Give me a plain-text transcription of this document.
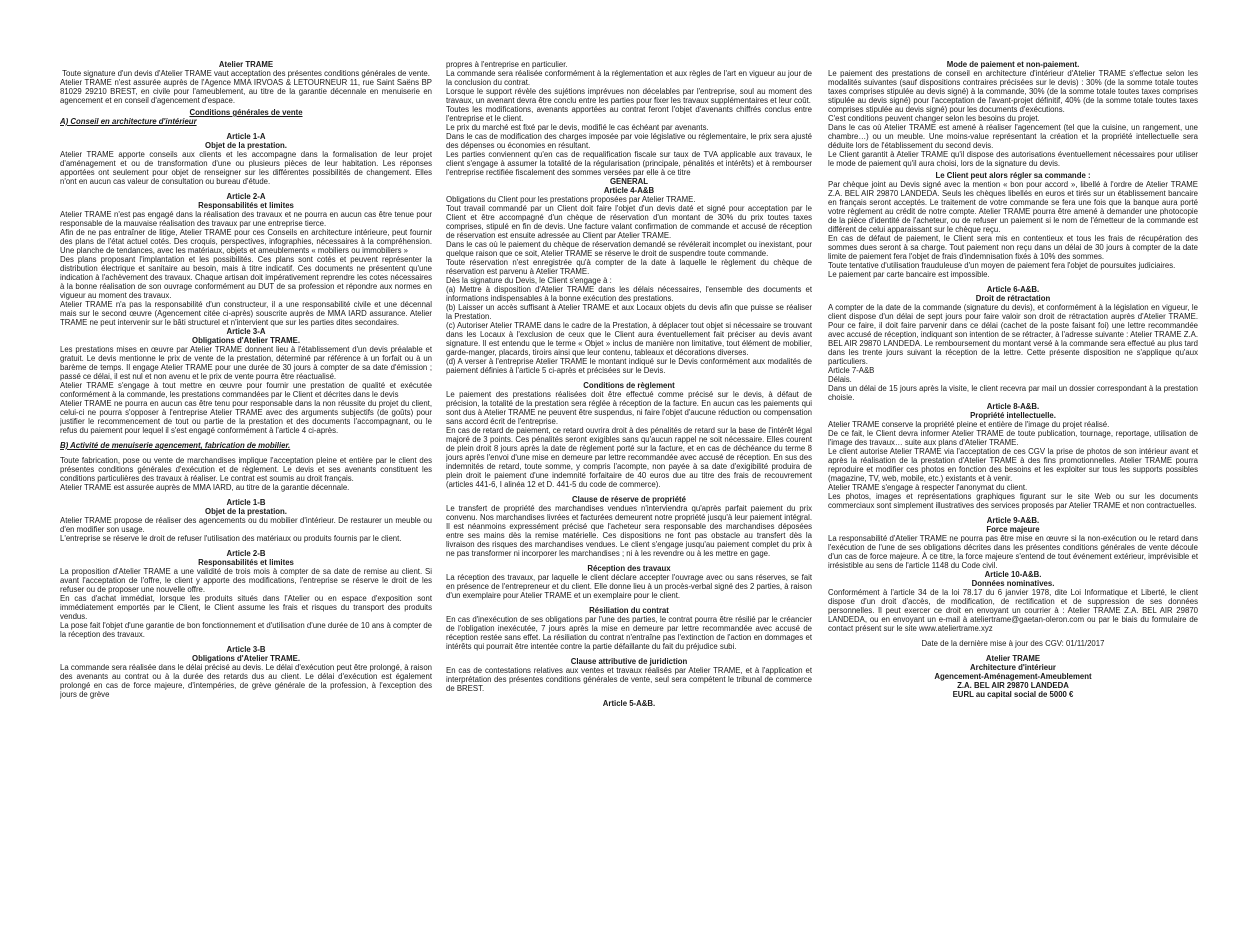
Atelier TRAME

Toute signature d'un devis d'Atelier TRAME vaut acceptation des présentes conditions générales de vente.

Atelier TRAME n'est assurée auprès de l'Agence MMA IRVOAS & LETOURNEUR 11, rue Saint Saëns BP 81029 29210 BREST, en civile pour l'ameublement, au titre de la garantie décennale en menuiserie en agencement et en conseil d'agencement d'espace.

Conditions générales de vente

A) Conseil en architecture d'intérieur

Article 1-A

Objet de la prestation.

Atelier TRAME apporte conseils aux clients et les accompagne dans la formalisation de leur projet d'aménagement et ou de transformation d'une ou plusieurs pièces de leur habitation. Les réponses apportées ont seulement pour objet de renseigner sur les différentes possibilités de changement. Elles n'ont en aucun cas valeur de consultation ou bureau d'étude.

Article 2-A

Responsabilités et limites

Atelier TRAME n'est pas engagé dans la réalisation des travaux et ne pourra en aucun cas être tenue pour responsable de la mauvaise réalisation des travaux par une entreprise tierce.

Afin de ne pas entraîner de litige, Atelier TRAME pour ces Conseils en architecture intérieure, peut fournir des plans de l'état actuel cotés. Des croquis, perspectives, infographies, nécessaires à la compréhension. Une planche de tendances, avec les matériaux, objets et ameublements « mobiliers ou immobiliers »

Des plans proposant l'implantation et les possibilités. Ces plans sont cotés et peuvent représenter la distribution électrique et sanitaire au besoin, mais à titre indicatif. Ces documents ne présentent qu'une indication à l'achèvement des travaux. Chaque artisan doit impérativement reprendre les cotes nécessaires à la bonne réalisation de son ouvrage conformément au DUT de sa profession et répondre aux normes en vigueur au moment des travaux.

Atelier TRAME n'a pas la responsabilité d'un constructeur, il a une responsabilité civile et une décennal mais sur le second œuvre (Agencement citée ci-après) souscrite auprès de MMA IARD assurance. Atelier TRAME ne peut intervenir sur le bâti structurel et n'intervient que sur les parties dites secondaires.

Article 3-A

Obligations d'Atelier TRAME.

Les prestations mises en œuvre par Atelier TRAME donnent lieu à l'établissement d'un devis préalable et gratuit. Le devis mentionne le prix de vente de la prestation, déterminé par référence à un forfait ou à un barème de temps. Il engage Atelier TRAME pour une durée de 30 jours à compter de sa date d'émission ; passé ce délai, il est nul et non avenu et le prix de vente pourra être réactualisé.

Atelier TRAME s'engage à tout mettre en œuvre pour fournir une prestation de qualité et exécutée conformément à la commande, les prestations commandées par le Client et décrites dans le devis

Atelier TRAME ne pourra en aucun cas être tenu pour responsable dans la non réussite du projet du client, celui-ci ne pourra s'opposer à l'entreprise Atelier TRAME avec des arguments subjectifs (de goûts) pour justifier le recommencement de tout ou partie de la prestation et des documents l'accompagnant, ou le refus du paiement pour lequel il s'est engagé conformément à l'article 4 ci-après.

B) Activité de menuiserie agencement, fabrication de mobilier.

Toute fabrication, pose ou vente de marchandises implique l'acceptation pleine et entière par le client des présentes conditions générales d'exécution et de règlement. Le devis et ses avenants constituent les conditions particulières des travaux à réaliser. Le contrat est soumis au droit français.

Atelier TRAME est assurée auprès de MMA IARD, au titre de la garantie décennale.

Article 1-B

Objet de la prestation.

Atelier TRAME propose de réaliser des agencements ou du mobilier d'intérieur. De restaurer un meuble ou d'en modifier son usage.

L'entreprise se réserve le droit de refuser l'utilisation des matériaux ou produits fournis par le client.

Article 2-B

Responsabilités et limites

La proposition d'Atelier TRAME a une validité de trois mois à compter de sa date de remise au client. Si avant l'acceptation de l'offre, le client y apporte des modifications, l'entreprise se réserve le droit de les refuser ou de proposer une nouvelle offre.

En cas d'achat immédiat, lorsque les produits situés dans l'Atelier ou en espace d'exposition sont immédiatement emportés par le Client, le Client assume les frais et risques du transport des produits vendus.

La pose fait l'objet d'une garantie de bon fonctionnement et d'utilisation d'une durée de 10 ans à compter de la réception des travaux.

Article 3-B

Obligations d'Atelier TRAME.

La commande sera réalisée dans le délai précisé au devis. Le délai d'exécution peut être prolongé, à raison des avenants au contrat ou à la durée des retards dus au client. Le délai d'exécution est également prolongé en cas de force majeure, d'intempéries, de grève générale de la profession, à l'exception des jours de grève

propres à l'entreprise en particulier.

La commande sera réalisée conformément à la réglementation et aux règles de l'art en vigueur au jour de la conclusion du contrat.

Lorsque le support révèle des sujétions imprévues non décelables par l'entreprise, soul au moment des travaux, un avenant devra être conclu entre les parties pour fixer les travaux supplémentaires et leur coût.

Toutes les modifications, avenants apportées au contrat feront l'objet d'avenants chiffrés conclus entre l'entreprise et le client.

Le prix du marché est fixé par le devis, modifié le cas échéant par avenants.

Dans le cas de modification des charges imposée par voie législative ou réglementaire, le prix sera ajusté des dépenses ou économies en résultant.

Les parties conviennent qu'en cas de requalification fiscale sur taux de TVA applicable aux travaux, le client s'engage à assumer la totalité de la régularisation (principale, pénalités et intérêts) et à rembourser l'entreprise rectifiée fiscalement des sommes versées par elle à ce titre

GENERAL

Article 4-A&B

Obligations du Client pour les prestations proposées par Atelier TRAME.

Tout travail commandé par un Client doit faire l'objet d'un devis daté et signé pour acceptation par le Client et être accompagné d'un chèque de réservation d'un montant de 30% du prix toutes taxes comprises, stipulé en fin de devis. Une facture valant confirmation de commande et accusé de réception de réservation est ensuite adressée au Client par Atelier TRAME.

Dans le cas où le paiement du chèque de réservation demandé se révélerait incomplet ou inexistant, pour quelque raison que ce soit, Atelier TRAME se réserve le droit de suspendre toute commande.

Toute réservation n'est enregistrée qu'à compter de la date à laquelle le règlement du chèque de réservation est parvenu à Atelier TRAME.

Dès la signature du Devis, le Client s'engage à :

(a) Mettre à disposition d'Atelier TRAME dans les délais nécessaires, l'ensemble des documents et informations indispensables à la bonne exécution des prestations.

(b) Laisser un accès suffisant à Atelier TRAME et aux Locaux objets du devis afin que puisse se réaliser la Prestation.

(c) Autoriser Atelier TRAME dans le cadre de la Prestation, à déplacer tout objet si nécessaire se trouvant dans les Locaux à l'exclusion de ceux que le Client aura éventuellement fait préciser au devis avant signature. Il est entendu que le terme « Objet » inclus de manière non limitative, tout élément de mobilier, garde-manger, placards, tiroirs ainsi que leur contenu, tableaux et décorations diverses.

(d) A verser à l'entreprise Atelier TRAME le montant indiqué sur le Devis conformément aux modalités de paiement définies à l'article 5 ci-après et précisées sur le Devis.

Conditions de règlement

Le paiement des prestations réalisées doit être effectué comme précisé sur le devis, à défaut de précision, la totalité de la prestation sera réglée à réception de la facture. En aucun cas les paiements qui sont dus à Atelier TRAME ne peuvent être suspendus, ni faire l'objet d'aucune réduction ou compensation sans accord écrit de l'entreprise.

En cas de retard de paiement, ce retard ouvrira droit à des pénalités de retard sur la base de l'intérêt légal majoré de 3 points. Ces pénalités seront exigibles sans qu'aucun rappel ne soit nécessaire. Elles courent de plein droit 8 jours après la date de règlement porté sur la facture, et en cas de déchéance du terme 8 jours après l'envoi d'une mise en demeure par lettre recommandée avec accusé de réception. En sus des indemnités de retard, toute somme, y compris l'acompte, non payée à sa date d'exigibilité produira de plein droit le paiement d'une indemnité forfaitaire de 40 euros due au titre des frais de recouvrement (articles 441-6, I alinéa 12 et D. 441-5 du code de commerce).

Clause de réserve de propriété

Le transfert de propriété des marchandises vendues n'interviendra qu'après parfait paiement du prix convenu. Nos marchandises livrées et facturées demeurent notre propriété jusqu'à leur paiement intégral. Il est néanmoins expressément précisé que l'acheteur sera responsable des marchandises déposées entre ses mains dès la remise matérielle. Ces dispositions ne font pas obstacle au transfert dès la livraison des risques des marchandises vendues. Le client s'engage jusqu'au paiement complet du prix à ne pas transformer ni incorporer les marchandises ; ni à les revendre ou à les mettre en gage.

Réception des travaux

La réception des travaux, par laquelle le client déclare accepter l'ouvrage avec ou sans réserves, se fait en présence de l'entrepreneur et du client. Elle donne lieu à un procès-verbal signé des 2 parties, à raison d'un exemplaire pour Atelier TRAME et un exemplaire pour le client.

Résiliation du contrat

En cas d'inexécution de ses obligations par l'une des parties, le contrat pourra être résilié par le créancier de l'obligation inexécutée, 7 jours après la mise en demeure par lettre recommandée avec accusé de réception restée sans effet. La résiliation du contrat n'entraîne pas l'extinction de l'action en dommages et intérêts qui pourrait être intentée contre la partie défaillante du fait du préjudice subi.

Clause attributive de juridiction

En cas de contestations relatives aux ventes et travaux réalisés par Atelier TRAME, et à l'application et interprétation des présentes conditions générales de vente, seul sera compétent le tribunal de commerce de BREST.

Article 5-A&B.

Mode de paiement et non-paiement.

Le paiement des prestations de conseil en architecture d'intérieur d'Atelier TRAME s'effectue selon les modalités suivantes (sauf dispositions contraires précisées sur le devis) : 30% (de la somme totale toutes taxes comprises stipulée au devis signé) à la commande, 30% (de la somme totale toutes taxes comprises stipulée au devis signé) pour l'acceptation de l'avant-projet définitif, 40% (de la somme totale toutes taxes comprises stipulée au devis signé) pour les documents d'exécutions.

C'est conditions peuvent changer selon les besoins du projet.

Dans le cas où Atelier TRAME est amené à réaliser l'agencement (tel que la cuisine, un rangement, une chambre…) ou un meuble. Une moins-value représentant la création et la propriété intellectuelle sera déduite lors de l'établissement du second devis.

Le Client garantit à Atelier TRAME qu'il dispose des autorisations éventuellement nécessaires pour utiliser le mode de paiement qu'il aura choisi, lors de la signature du devis.

Le Client peut alors régler sa commande :

Par chèque joint au Devis signé avec la mention « bon pour accord », libellé à l'ordre de Atelier TRAME Z.A. BEL AIR 29870 LANDEDA. Seuls les chèques libellés en euros et tirés sur un établissement bancaire en français seront acceptés. Le traitement de votre commande se fera une fois que la banque aura porté votre règlement au crédit de notre compte. Atelier TRAME pourra être amené à demander une photocopie de la pièce d'identité de l'acheteur, ou de refuser un paiement si le nom de l'émetteur de la commande est différent de celui apparaissant sur le chèque reçu.

En cas de défaut de paiement, le Client sera mis en contentieux et tous les frais de récupération des sommes dues seront à sa charge. Tout paiement non reçu dans un délai de 30 jours à compter de la date limite de paiement fera l'objet de frais d'indemnisation fixés à 10% des sommes.

Toute tentative d'utilisation frauduleuse d'un moyen de paiement fera l'objet de poursuites judiciaires.

Le paiement par carte bancaire est impossible.

Article 6-A&B.

Droit de rétractation

A compter de la date de la commande (signature du devis), et conformément à la législation en vigueur, le client dispose d'un délai de sept jours pour faire valoir son droit de rétractation auprès d'Atelier TRAME. Pour ce faire, il doit faire parvenir dans ce délai (cachet de la poste faisant foi) une lettre recommandée avec accusé de réception, indiquant son intention de se rétracter, à l'adresse suivante : Atelier TRAME Z.A. BEL AIR 29870 LANDEDA. Le remboursement du montant versé à la commande sera effectué au plus tard dans les trente jours suivant la réception de la lettre. Cette présente disposition ne s'applique qu'aux particuliers.

Article 7-A&B

Délais.

Dans un délai de 15 jours après la visite, le client recevra par mail un dossier correspondant à la prestation choisie.

Article 8-A&B.

Propriété intellectuelle.

Atelier TRAME conserve la propriété pleine et entière de l'image du projet réalisé.

De ce fait, le Client devra informer Atelier TRAME de toute publication, tournage, reportage, utilisation de l'image des travaux… suite aux plans d'Atelier TRAME.

Le client autorise Atelier TRAME via l'acceptation de ces CGV la prise de photos de son intérieur avant et après la réalisation de la prestation d'Atelier TRAME à des fins promotionnelles. Atelier TRAME pourra reproduire et modifier ces photos en fonction des besoins et les exploiter sur tous les supports possibles (magazine, TV, web, mobile, etc.) existants et à venir.

Atelier TRAME s'engage à respecter l'anonymat du client.

Les photos, images et représentations graphiques figurant sur le site Web ou sur les documents commerciaux sont simplement illustratives des services proposés par Atelier TRAME et non contractuelles.

Article 9-A&B.

Force majeure

La responsabilité d'Atelier TRAME ne pourra pas être mise en œuvre si la non-exécution ou le retard dans l'exécution de l'une de ses obligations décrites dans les présentes conditions générales de vente découle d'un cas de force majeure. À ce titre, la force majeure s'entend de tout événement extérieur, imprévisible et irrésistible au sens de l'article 1148 du Code civil.

Article 10-A&B.

Données nominatives.

Conformément à l'article 34 de la loi 78.17 du 6 janvier 1978, dite Loi Informatique et Liberté, le client dispose d'un droit d'accès, de modification, de rectification et de suppression de ses données personnelles. Il peut exercer ce droit en envoyant un courrier à : Atelier TRAME Z.A. BEL AIR 29870 LANDEDA, ou en envoyant un e-mail à ateliertrame@gaetan-oleron.com ou par le biais du formulaire de contact présent sur le site www.ateliertrame.xyz

Date de la dernière mise à jour des CGV: 01/11/2017

Atelier TRAME

Architecture d'intérieur

Agencement-Aménagement-Ameublement

Z.A. BEL AIR 29870 LANDEDA

EURL au capital social de 5000 €
